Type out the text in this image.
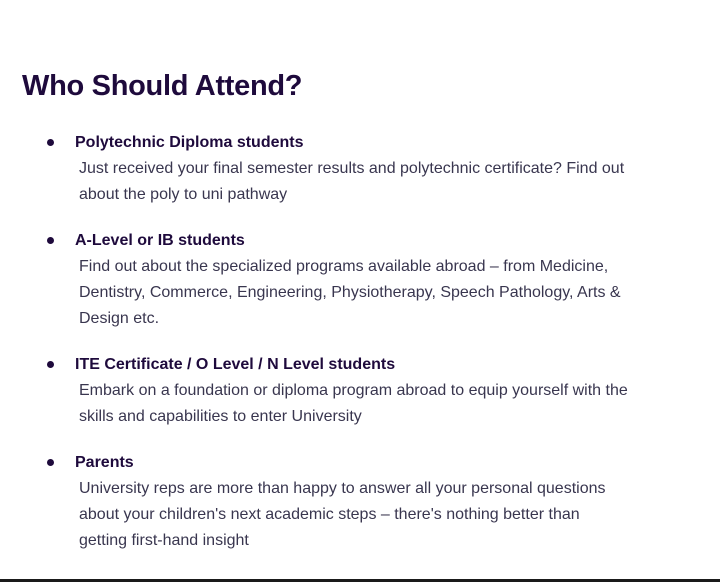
Who Should Attend?

Polytechnic Diploma students

Just received your final semester results and polytechnic certificate? Find out
about the poly to uni pathway

A-Level or IB students

Find out about the specialized programs available abroad – from Medicine,
Dentistry, Commerce, Engineering, Physiotherapy, Speech Pathology, Arts &
Design etc.

ITE Certificate / O Level / N Level students

Embark on a foundation or diploma program abroad to equip yourself with the
skills and capabilities to enter University

Parents

University reps are more than happy to answer all your personal questions
about your children's next academic steps – there's nothing better than
getting first-hand insight
